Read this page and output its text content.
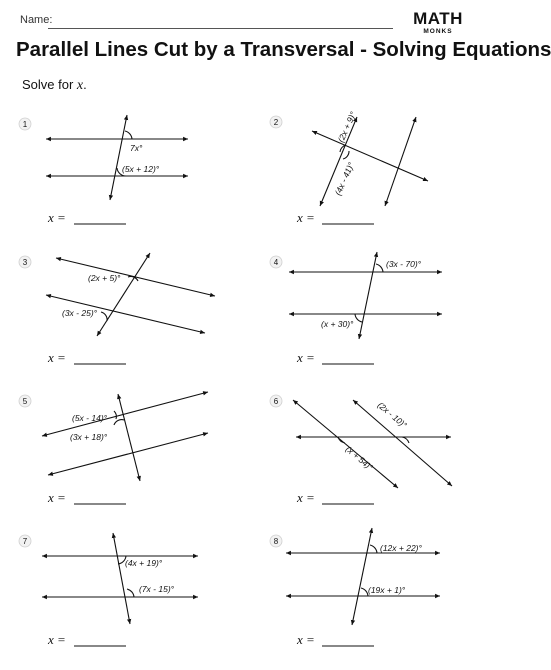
Name:	MATH
MONKS
Parallel Lines Cut by a Transversal - Solving Equations
Solve for x.
1	2
3	4
5	6
7	8
7x°
(5x + 12)°
(2x + 9)°
(4x - 41)°
(2x + 5)°
(3x - 25)°
(3x - 70)°
(x + 30)°
(5x - 14)°
(3x + 18)°
(2x - 10)°
(x + 54)°
(4x + 19)°
(7x - 15)°
(12x + 22)°
(19x + 1)°
x =	x =
x =	x =
x =	x =
x =	x =
